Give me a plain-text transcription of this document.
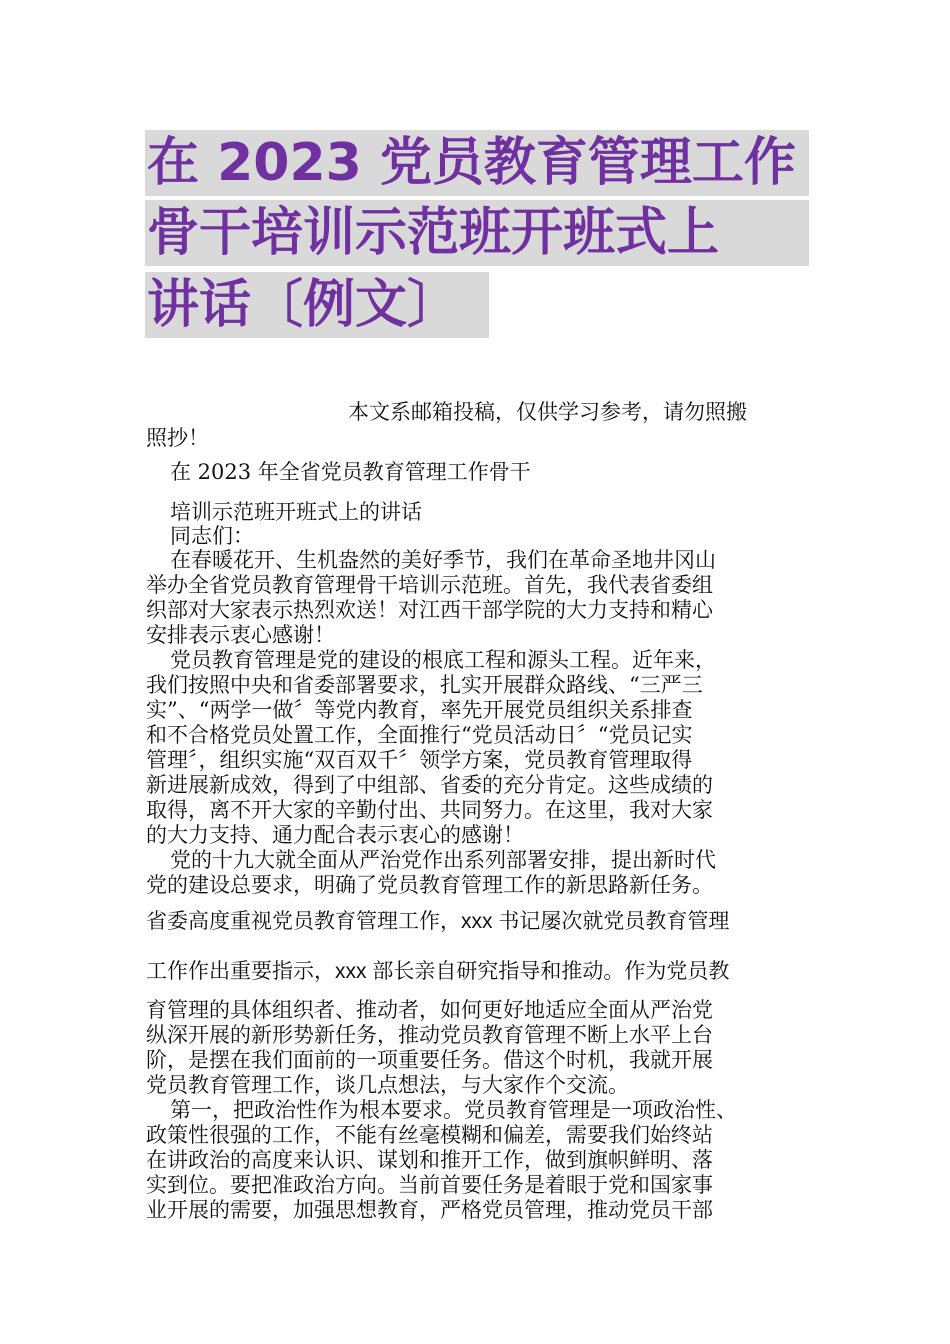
在 2023 党员教育管理工作
骨干培训示范班开班式上
讲话〔例文〕
本文系邮箱投稿，仅供学习参考，请勿照搬
照抄！
在 2023 年全省党员教育管理工作骨干
培训示范班开班式上的讲话
同志们：
在春暖花开、生机盎然的美好季节，我们在革命圣地井冈山
举办全省党员教育管理骨干培训示范班。首先，我代表省委组
织部对大家表示热烈欢送！对江西干部学院的大力支持和精心
安排表示衷心感谢！
党员教育管理是党的建设的根底工程和源头工程。近年来，
我们按照中央和省委部署要求，扎实开展群众路线、“三严三
实”、“两学一做〞等党内教育，率先开展党员组织关系排查
和不合格党员处置工作，全面推行“党员活动日〞“党员记实
管理〞，组织实施“双百双千〞领学方案，党员教育管理取得
新进展新成效，得到了中组部、省委的充分肯定。这些成绩的
取得，离不开大家的辛勤付出、共同努力。在这里，我对大家
的大力支持、通力配合表示衷心的感谢！
党的十九大就全面从严治党作出系列部署安排，提出新时代
党的建设总要求，明确了党员教育管理工作的新思路新任务。
省委高度重视党员教育管理工作，xxx 书记屡次就党员教育管理
工作作出重要指示，xxx 部长亲自研究指导和推动。作为党员教
育管理的具体组织者、推动者，如何更好地适应全面从严治党
纵深开展的新形势新任务，推动党员教育管理不断上水平上台
阶，是摆在我们面前的一项重要任务。借这个时机，我就开展
党员教育管理工作，谈几点想法，与大家作个交流。
第一，把政治性作为根本要求。党员教育管理是一项政治性、
政策性很强的工作，不能有丝毫模糊和偏差，需要我们始终站
在讲政治的高度来认识、谋划和推开工作，做到旗帜鲜明、落
实到位。要把准政治方向。当前首要任务是着眼于党和国家事
业开展的需要，加强思想教育，严格党员管理，推动党员干部
